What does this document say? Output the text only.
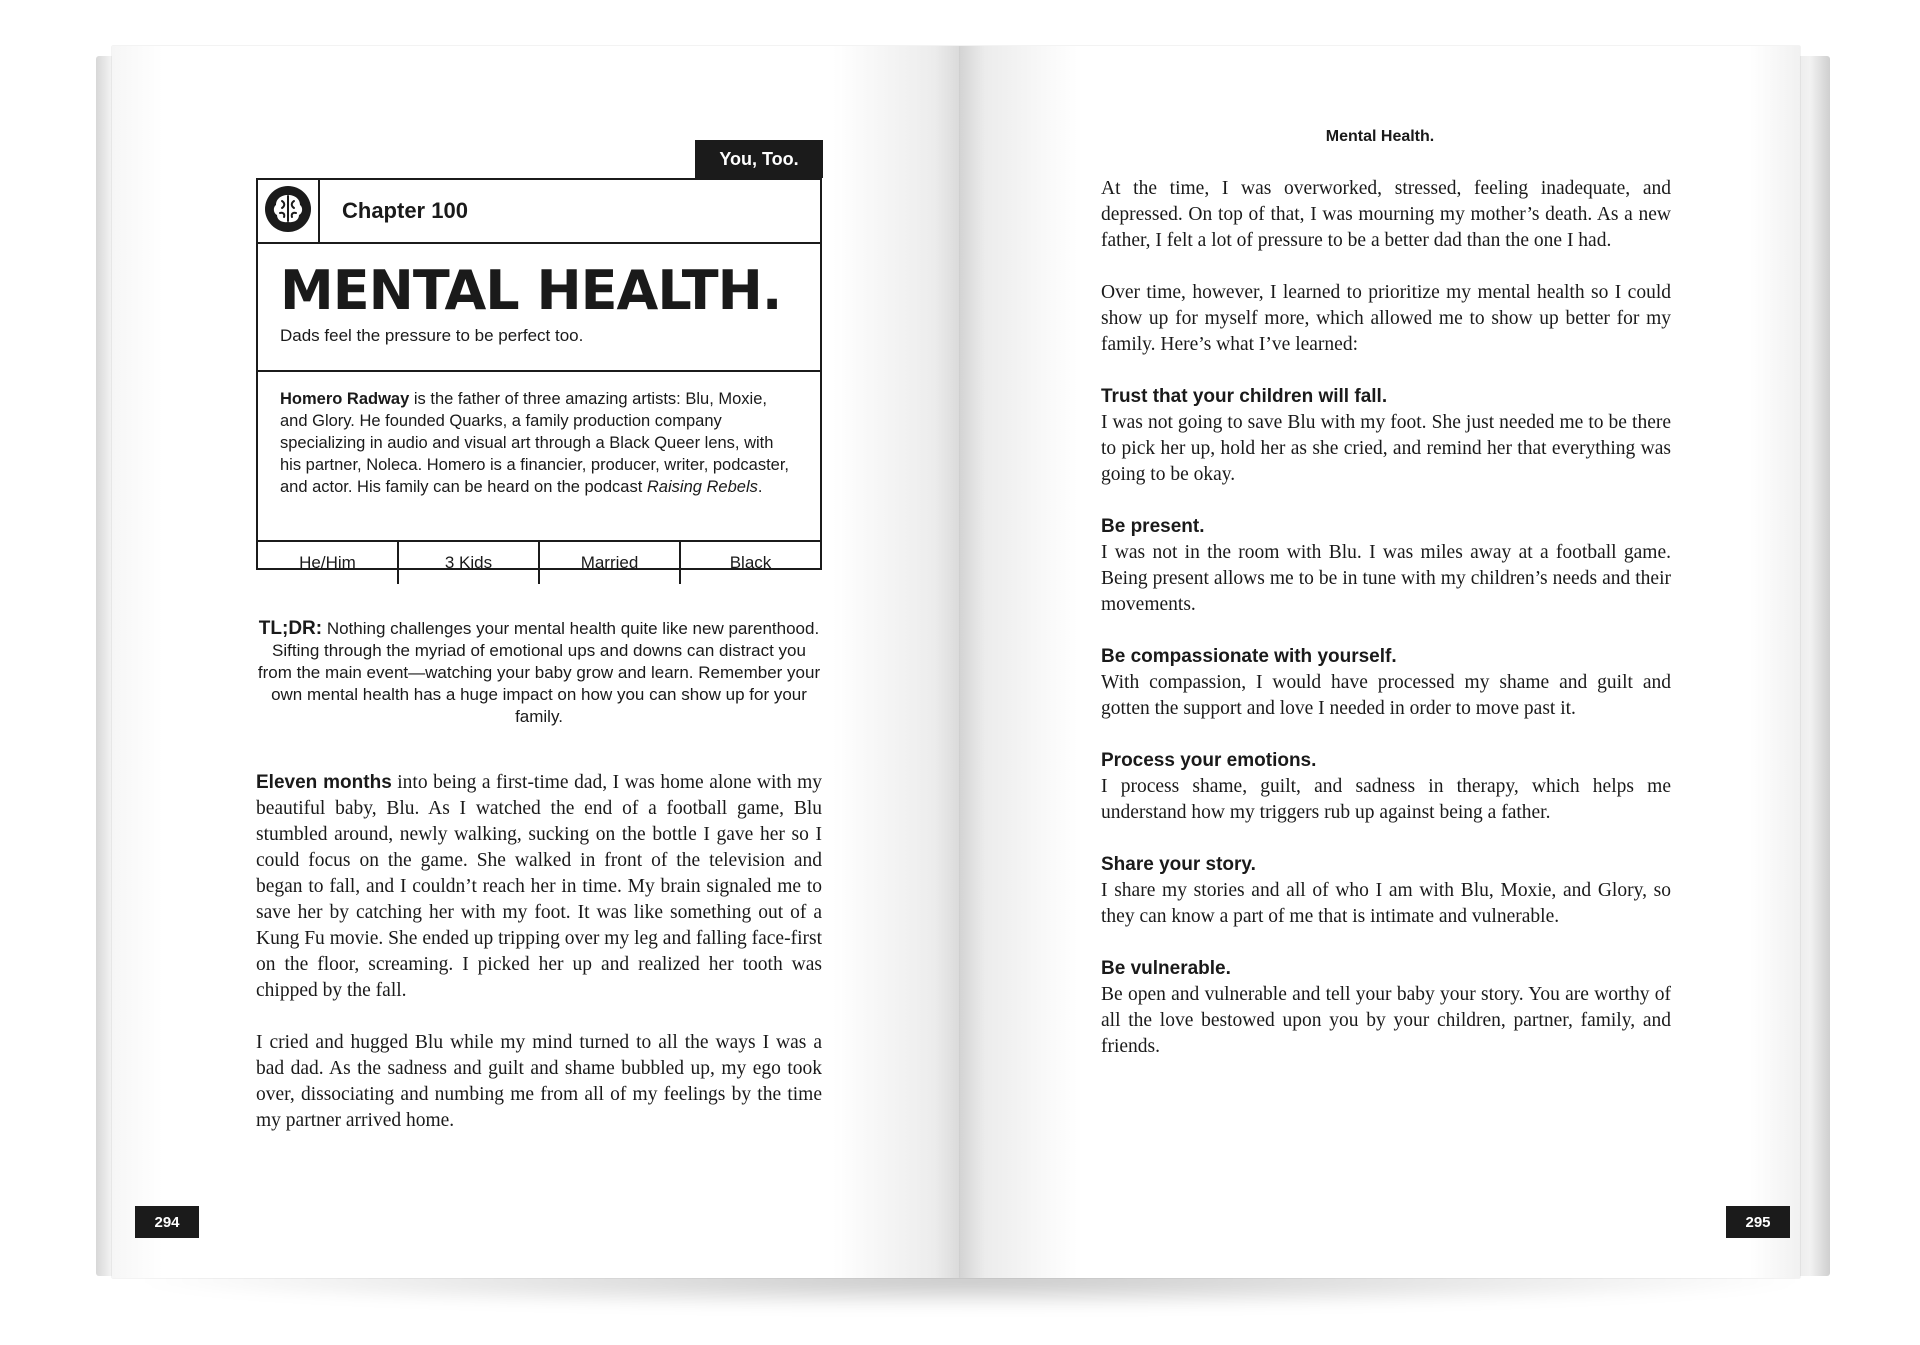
You, Too.
Chapter 100
MENTAL HEALTH.
Dads feel the pressure to be perfect too.
Homero Radway is the father of three amazing artists: Blu, Moxie, and Glory. He founded Quarks, a family production company specializing in audio and visual art through a Black Queer lens, with his partner, Noleca. Homero is a financier, producer, writer, podcaster, and actor. His family can be heard on the podcast Raising Rebels.
He/Him	3 Kids	Married	Black
TL;DR: Nothing challenges your mental health quite like new parenthood. Sifting through the myriad of emotional ups and downs can distract you from the main event—watching your baby grow and learn. Remember your own mental health has a huge impact on how you can show up for your family.

Eleven months into being a first-time dad, I was home alone with my beautiful baby, Blu. As I watched the end of a football game, Blu stumbled around, newly walking, sucking on the bottle I gave her so I could focus on the game. She walked in front of the television and began to fall, and I couldn’t reach her in time. My brain signaled me to save her by catching her with my foot. It was like something out of a Kung Fu movie. She ended up tripping over my leg and falling face-first on the floor, screaming. I picked her up and realized her tooth was chipped by the fall.

I cried and hugged Blu while my mind turned to all the ways I was a bad dad. As the sadness and guilt and shame bubbled up, my ego took over, dissociating and numbing me from all of my feelings by the time my partner arrived home.

294
Mental Health.

At the time, I was overworked, stressed, feeling inadequate, and depressed. On top of that, I was mourning my mother’s death. As a new father, I felt a lot of pressure to be a better dad than the one I had.

Over time, however, I learned to prioritize my mental health so I could show up for myself more, which allowed me to show up better for my family. Here’s what I’ve learned:

Trust that your children will fall.
I was not going to save Blu with my foot. She just needed me to be there to pick her up, hold her as she cried, and remind her that everything was going to be okay.
Be present.
I was not in the room with Blu. I was miles away at a football game. Being present allows me to be in tune with my children’s needs and their movements.
Be compassionate with yourself.
With compassion, I would have processed my shame and guilt and gotten the support and love I needed in order to move past it.
Process your emotions.
I process shame, guilt, and sadness in therapy, which helps me understand how my triggers rub up against being a father.
Share your story.
I share my stories and all of who I am with Blu, Moxie, and Glory, so they can know a part of me that is intimate and vulnerable.
Be vulnerable.
Be open and vulnerable and tell your baby your story. You are worthy of all the love bestowed upon you by your children, partner, family, and friends.
295
